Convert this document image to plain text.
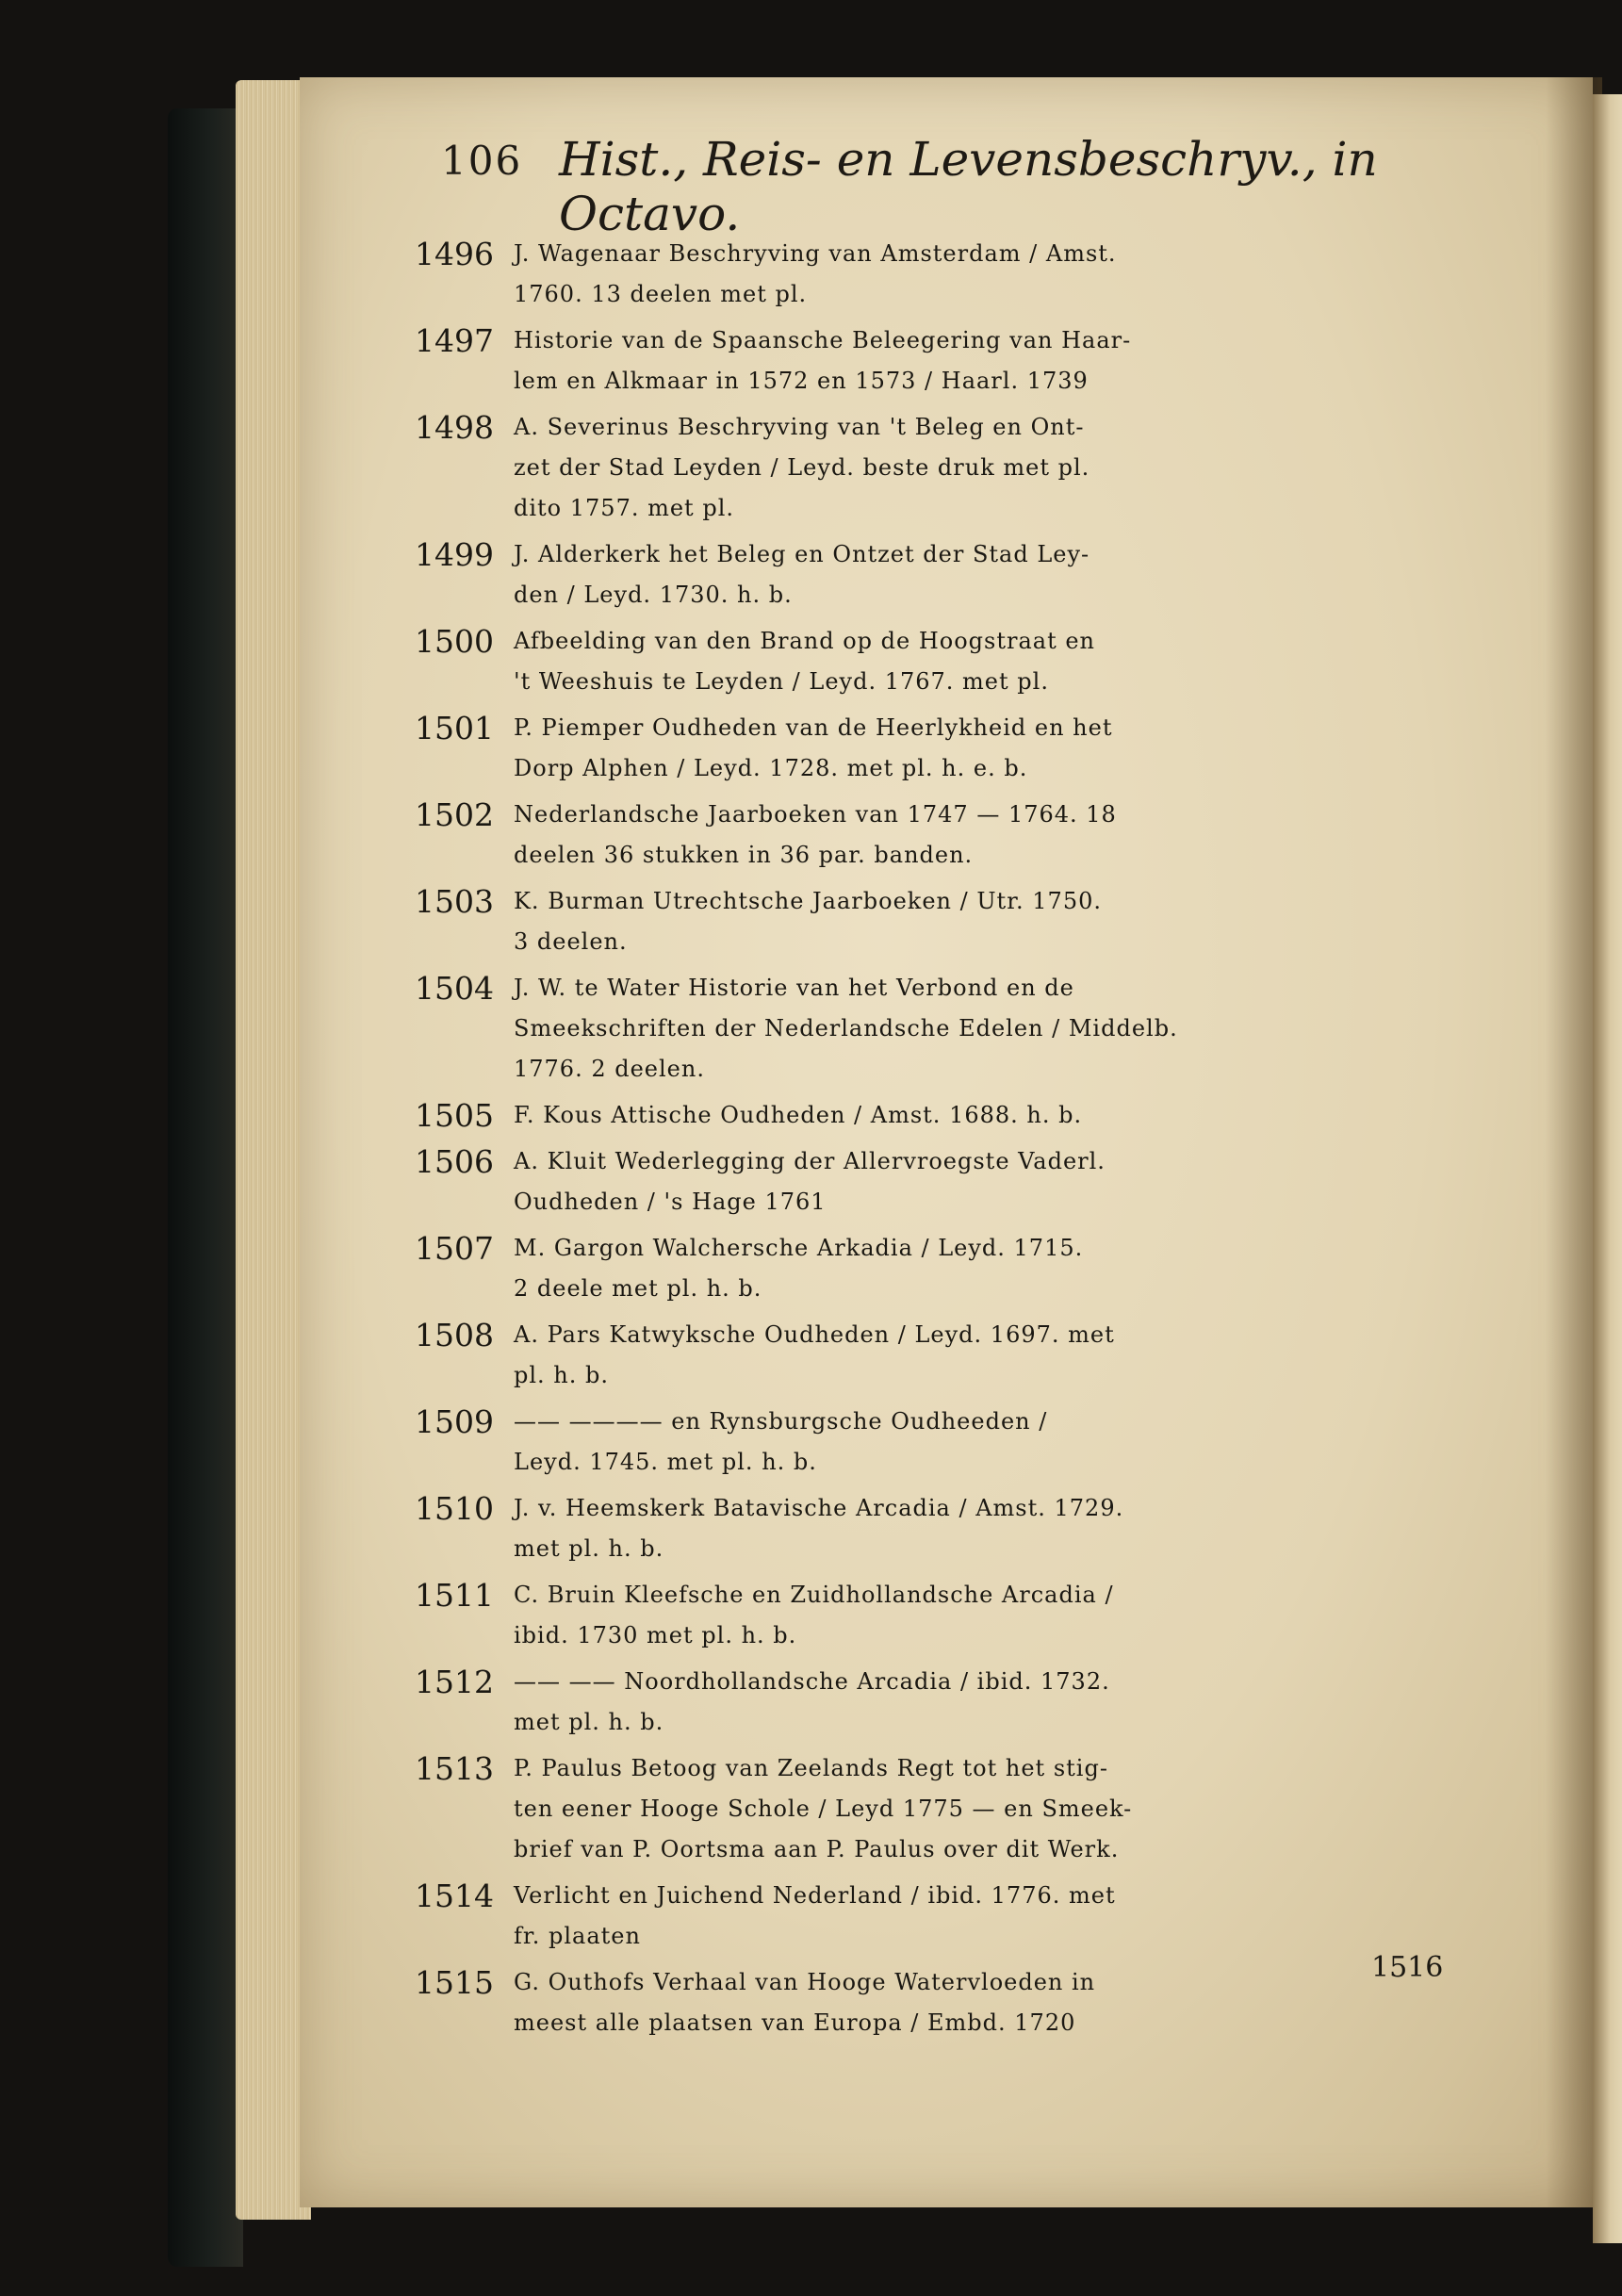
106 Hist., Reis- en Levensbeschryv., in Octavo.
1496 J. Wagenaar Beschryving van Amsterdam / Amst.
1760. 13 deelen met pl.
1497 Historie van de Spaansche Beleegering van Haar-
lem en Alkmaar in 1572 en 1573 / Haarl. 1739
1498 A. Severinus Beschryving van 't Beleg en Ont-
zet der Stad Leyden / Leyd. beste druk met pl.
dito 1757. met pl.
1499 J. Alderkerk het Beleg en Ontzet der Stad Ley-
den / Leyd. 1730. h. b.
1500 Afbeelding van den Brand op de Hoogstraat en
't Weeshuis te Leyden / Leyd. 1767. met pl.
1501 P. Piemper Oudheden van de Heerlykheid en het
Dorp Alphen / Leyd. 1728. met pl. h. e. b.
1502 Nederlandsche Jaarboeken van 1747 — 1764. 18
deelen 36 stukken in 36 par. banden.
1503 K. Burman Utrechtsche Jaarboeken / Utr. 1750.
3 deelen.
1504 J. W. te Water Historie van het Verbond en de
Smeekschriften der Nederlandsche Edelen / Middelb.
1776. 2 deelen.
1505 F. Kous Attische Oudheden / Amst. 1688. h. b.
1506 A. Kluit Wederlegging der Allervroegste Vaderl.
Oudheden / 's Hage 1761
1507 M. Gargon Walchersche Arkadia / Leyd. 1715.
2 deele met pl. h. b.
1508 A. Pars Katwyksche Oudheden / Leyd. 1697. met
pl. h. b.
1509 —— ———— en Rynsburgsche Oudheeden /
Leyd. 1745. met pl. h. b.
1510 J. v. Heemskerk Batavische Arcadia / Amst. 1729.
met pl. h. b.
1511 C. Bruin Kleefsche en Zuidhollandsche Arcadia /
ibid. 1730 met pl. h. b.
1512 —— —— Noordhollandsche Arcadia / ibid. 1732.
met pl. h. b.
1513 P. Paulus Betoog van Zeelands Regt tot het stig-
ten eener Hooge Schole / Leyd 1775 — en Smeek-
brief van P. Oortsma aan P. Paulus over dit Werk.
1514 Verlicht en Juichend Nederland / ibid. 1776. met
fr. plaaten
1515 G. Outhofs Verhaal van Hooge Watervloeden in
meest alle plaatsen van Europa / Embd. 1720
1516
